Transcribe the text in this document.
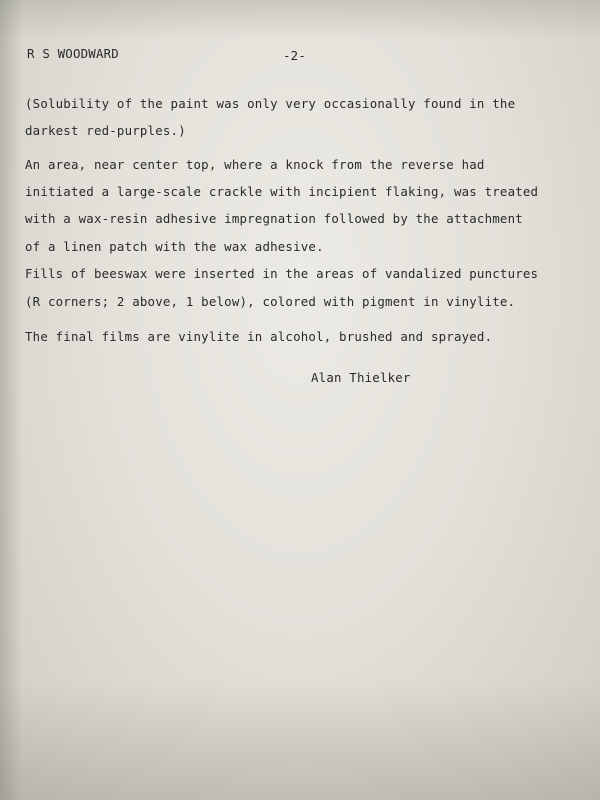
R S WOODWARD	-2-
(Solubility of the paint was only very occasionally found in the
darkest red-purples.)
An area, near center top, where a knock from the reverse had
initiated a large-scale crackle with incipient flaking, was treated
with a wax-resin adhesive impregnation followed by the attachment
of a linen patch with the wax adhesive.
Fills of beeswax were inserted in the areas of vandalized punctures
(R corners; 2 above, 1 below), colored with pigment in vinylite.
The final films are vinylite in alcohol, brushed and sprayed.
Alan Thielker
